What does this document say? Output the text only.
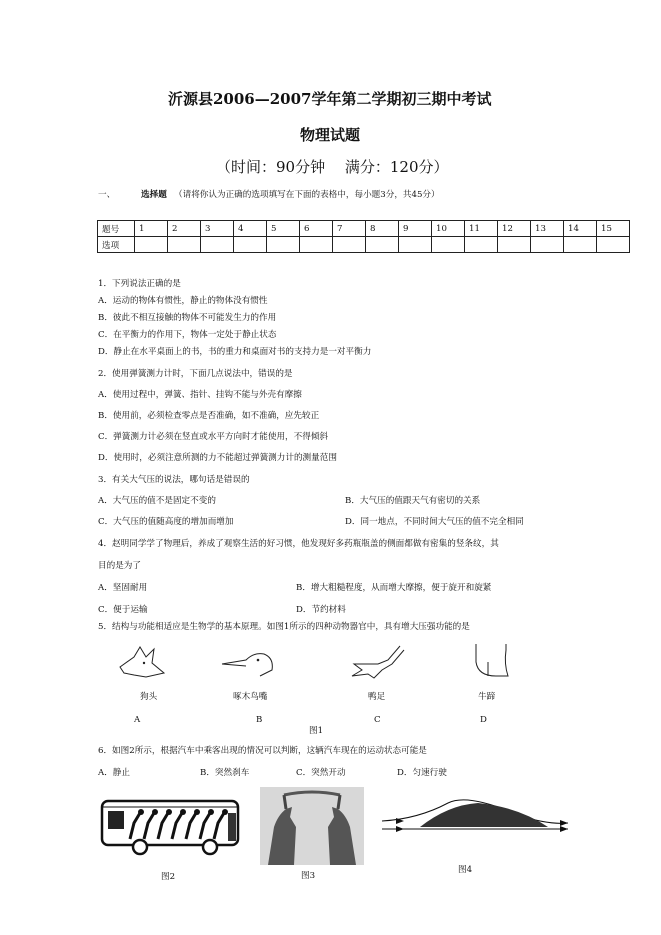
沂源县2006—2007学年第二学期初三期中考试
物理试题
（时间：90分钟　 满分：120分）
一、	选择题 （请将你认为正确的选项填写在下面的表格中，每小题3分，共45分）
题号	1	2	3	4	5	6	7	8	9	10	11	12	13	14	15
选项															
1．下列说法正确的是
A．运动的物体有惯性，静止的物体没有惯性
B．彼此不相互接触的物体不可能发生力的作用
C．在平衡力的作用下，物体一定处于静止状态
D．静止在水平桌面上的书，书的重力和桌面对书的支持力是一对平衡力
2．使用弹簧测力计时，下面几点说法中，错误的是
A．使用过程中，弹簧、指针、挂钩不能与外壳有摩擦
B．使用前，必须检查零点是否准确，如不准确，应先较正
C．弹簧测力计必须在竖直或水平方向时才能使用，不得倾斜
D．使用时，必须注意所测的力不能超过弹簧测力计的测量范围
3．有关大气压的说法，哪句话是错误的
A．大气压的值不是固定不变的	B．大气压的值跟天气有密切的关系
C．大气压的值随高度的增加而增加	D．同一地点，不同时间大气压的值不完全相同
4．赵明同学学了物理后，养成了观察生活的好习惯，他发现好多药瓶瓶盖的侧面都做有密集的竖条纹，其
目的是为了
A．坚固耐用	B．增大粗糙程度，从而增大摩擦，便于旋开和旋紧
C．便于运输	D．节约材料
5．结构与功能相适应是生物学的基本原理。如图1所示的四种动物器官中，具有增大压强功能的是
狗头	啄木鸟嘴	鸭足	牛蹄
A	B	C	D
图1
6．如图2所示，根据汽车中乘客出现的情况可以判断，这辆汽车现在的运动状态可能是
A．静止	B．突然刹车	C．突然开动	D．匀速行驶
图2	图3
图4
